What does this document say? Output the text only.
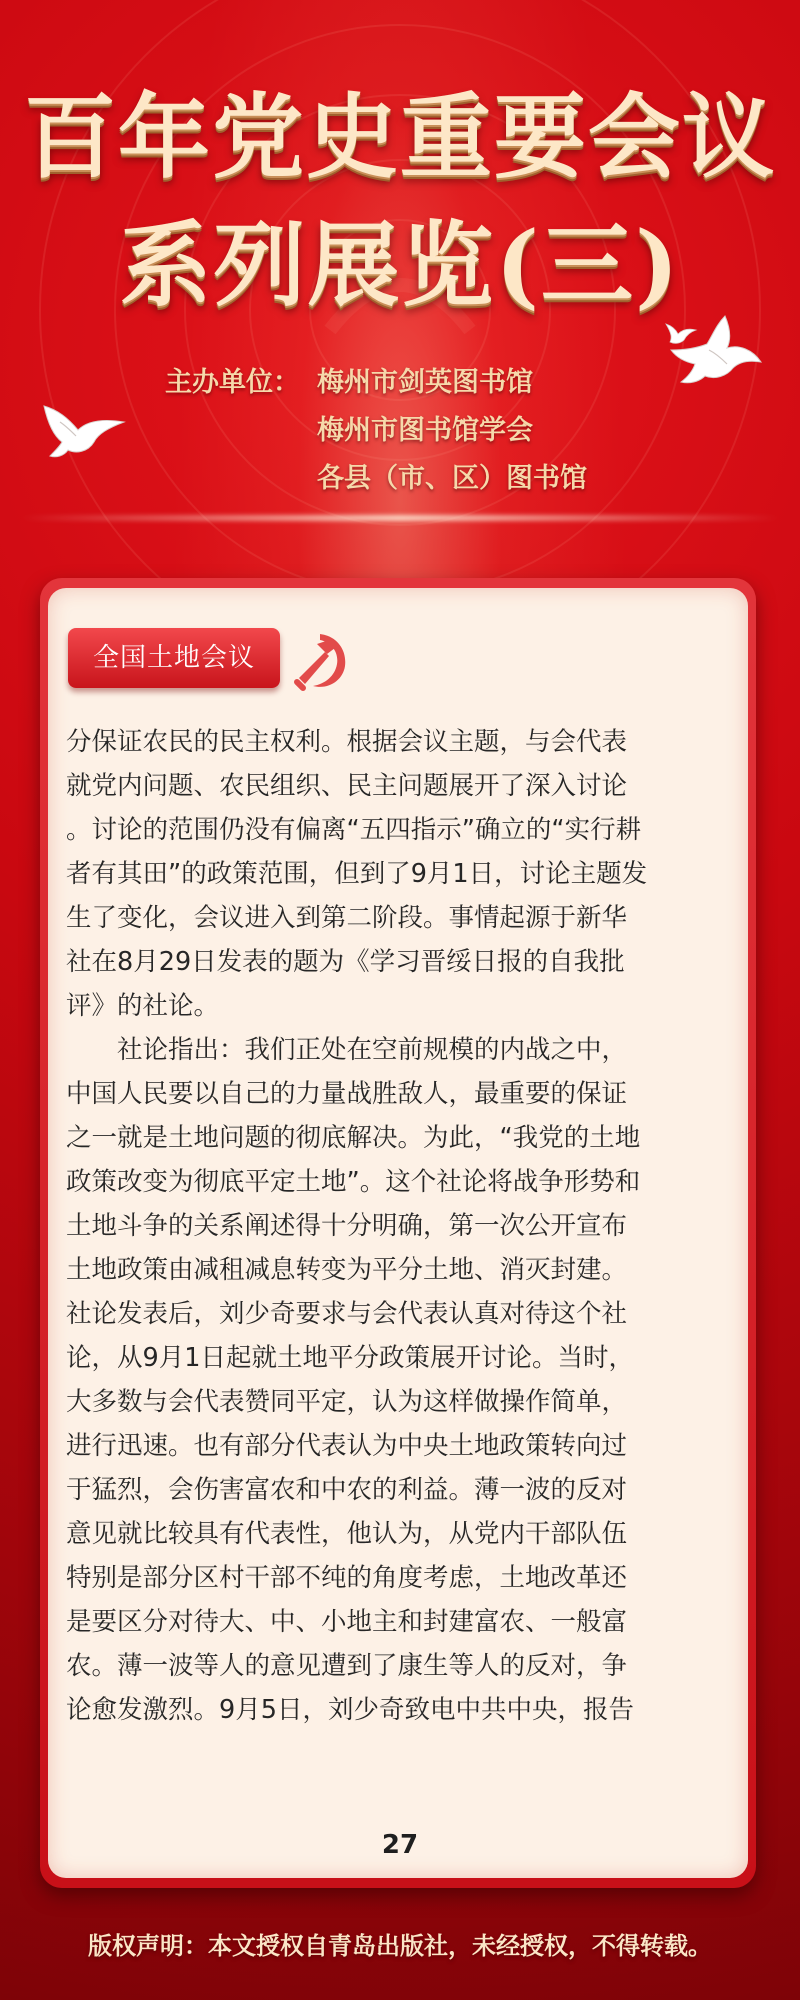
百年党史重要会议
系列展览(三)
主办单位： 梅州市剑英图书馆
梅州市图书馆学会
各县（市、区）图书馆
全国土地会议
分保证农民的民主权利。根据会议主题，与会代表
就党内问题、农民组织、民主问题展开了深入讨论
。讨论的范围仍没有偏离“五四指示”确立的“实行耕
者有其田”的政策范围，但到了9月1日，讨论主题发
生了变化，会议进入到第二阶段。事情起源于新华
社在8月29日发表的题为《学习晋绥日报的自我批
评》的社论。
　　社论指出：我们正处在空前规模的内战之中，
中国人民要以自己的力量战胜敌人，最重要的保证
之一就是土地问题的彻底解决。为此，“我党的土地
政策改变为彻底平定土地”。这个社论将战争形势和
土地斗争的关系阐述得十分明确，第一次公开宣布
土地政策由减租减息转变为平分土地、消灭封建。
社论发表后，刘少奇要求与会代表认真对待这个社
论，从9月1日起就土地平分政策展开讨论。当时，
大多数与会代表赞同平定，认为这样做操作简单，
进行迅速。也有部分代表认为中央土地政策转向过
于猛烈，会伤害富农和中农的利益。薄一波的反对
意见就比较具有代表性，他认为，从党内干部队伍
特别是部分区村干部不纯的角度考虑，土地改革还
是要区分对待大、中、小地主和封建富农、一般富
农。薄一波等人的意见遭到了康生等人的反对，争
论愈发激烈。9月5日，刘少奇致电中共中央，报告
27
版权声明：本文授权自青岛出版社，未经授权，不得转载。
